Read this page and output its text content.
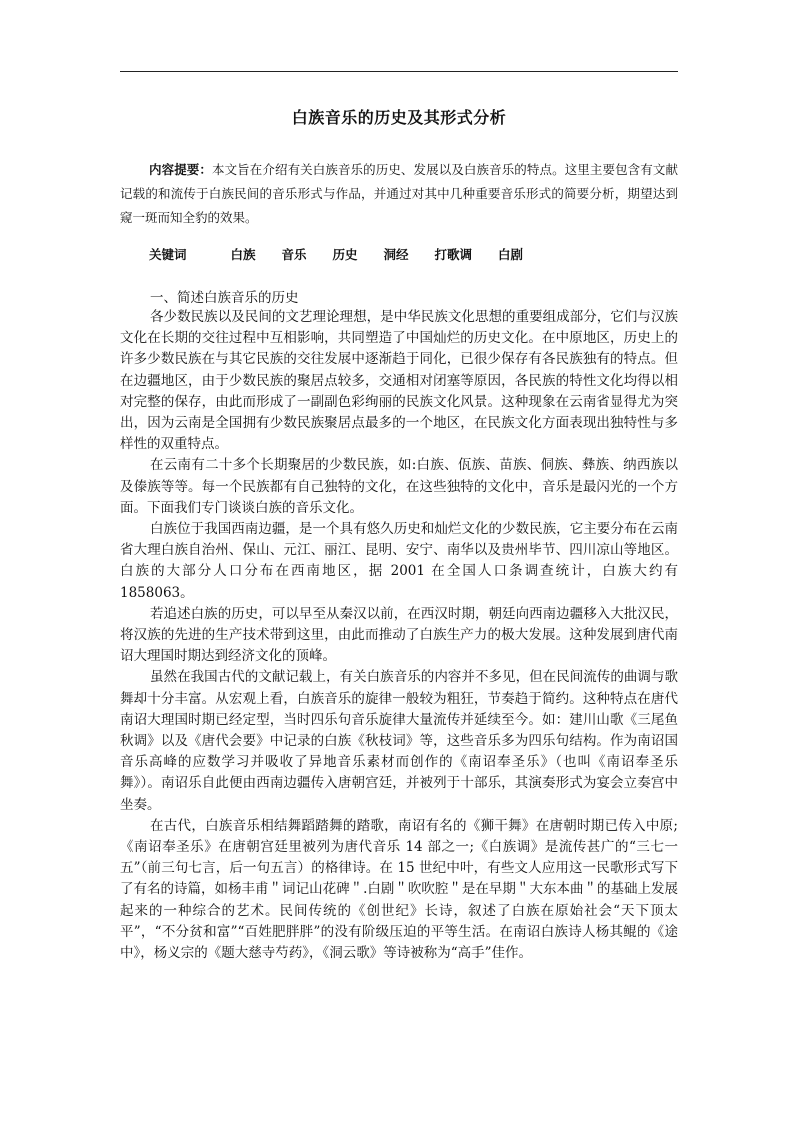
白族音乐的历史及其形式分析
内容提要：本文旨在介绍有关白族音乐的历史、发展以及白族音乐的特点。这里主要包含有文献记载的和流传于白族民间的音乐形式与作品，并通过对其中几种重要音乐形式的简要分析，期望达到窥一斑而知全豹的效果。
关键词	白族 音乐 历史 洞经 打歌调 白剧
一、简述白族音乐的历史

各少数民族以及民间的文艺理论理想，是中华民族文化思想的重要组成部分，它们与汉族文化在长期的交往过程中互相影响，共同塑造了中国灿烂的历史文化。在中原地区，历史上的许多少数民族在与其它民族的交往发展中逐渐趋于同化，已很少保存有各民族独有的特点。但在边疆地区，由于少数民族的聚居点较多，交通相对闭塞等原因，各民族的特性文化均得以相对完整的保存，由此而形成了一副副色彩绚丽的民族文化风景。这种现象在云南省显得尤为突出，因为云南是全国拥有少数民族聚居点最多的一个地区，在民族文化方面表现出独特性与多样性的双重特点。

在云南有二十多个长期聚居的少数民族，如:白族、佤族、苗族、侗族、彝族、纳西族以及傣族等等。每一个民族都有自己独特的文化，在这些独特的文化中，音乐是最闪光的一个方面。下面我们专门谈谈白族的音乐文化。

白族位于我国西南边疆，是一个具有悠久历史和灿烂文化的少数民族，它主要分布在云南省大理白族自治州、保山、元江、丽江、昆明、安宁、南华以及贵州毕节、四川凉山等地区。白族的大部分人口分布在西南地区，据 2001 在全国人口条调查统计，白族大约有 1858063。

若追述白族的历史，可以早至从秦汉以前，在西汉时期，朝廷向西南边疆移入大批汉民，将汉族的先进的生产技术带到这里，由此而推动了白族生产力的极大发展。这种发展到唐代南诏大理国时期达到经济文化的顶峰。

虽然在我国古代的文献记载上，有关白族音乐的内容并不多见，但在民间流传的曲调与歌舞却十分丰富。从宏观上看，白族音乐的旋律一般较为粗狂，节奏趋于简约。这种特点在唐代南诏大理国时期已经定型，当时四乐句音乐旋律大量流传并延续至今。如：建川山歌《三尾鱼秋调》以及《唐代会要》中记录的白族《秋枝词》等，这些音乐多为四乐句结构。作为南诏国音乐高峰的应数学习并吸收了异地音乐素材而创作的《南诏奉圣乐》（也叫《南诏奉圣乐舞》）。南诏乐自此便由西南边疆传入唐朝宫廷，并被列于十部乐，其演奏形式为宴会立奏宫中坐奏。

在古代，白族音乐相结舞蹈踏舞的踏歌，南诏有名的《狮干舞》在唐朝时期已传入中原;《南诏奉圣乐》在唐朝宫廷里被列为唐代音乐 14 部之一;《白族调》是流传甚广的“三七一五”（前三句七言，后一句五言）的格律诗。在 15 世纪中叶，有些文人应用这一民歌形式写下了有名的诗篇，如杨丰甫＂词记山花碑＂.白剧＂吹吹腔＂是在早期＂大东本曲＂的基础上发展起来的一种综合的艺术。民间传统的《创世纪》长诗，叙述了白族在原始社会“天下顶太平”，“不分贫和富”“百姓肥胖胖”的没有阶级压迫的平等生活。在南诏白族诗人杨其鲲的《途中》，杨义宗的《题大慈寺芍药》，《洞云歌》等诗被称为“高手”佳作。
